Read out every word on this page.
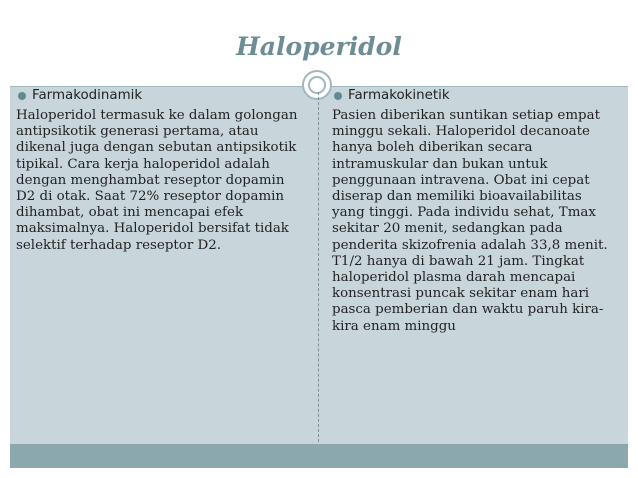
Haloperidol
Farmakodinamik

Haloperidol termasuk ke dalam golongan antipsikotik generasi pertama, atau dikenal juga dengan sebutan antipsikotik tipikal. Cara kerja haloperidol adalah dengan menghambat reseptor dopamin D2 di otak. Saat 72% reseptor dopamin dihambat, obat ini mencapai efek maksimalnya. Haloperidol bersifat tidak selektif terhadap reseptor D2.

Farmakokinetik

Pasien diberikan suntikan setiap empat minggu sekali. Haloperidol decanoate hanya boleh diberikan secara intramuskular dan bukan untuk penggunaan intravena. Obat ini cepat diserap dan memiliki bioavailabilitas yang tinggi. Pada individu sehat, Tmax sekitar 20 menit, sedangkan pada penderita skizofrenia adalah 33,8 menit. T1/2 hanya di bawah 21 jam. Tingkat haloperidol plasma darah mencapai konsentrasi puncak sekitar enam hari pasca pemberian dan waktu paruh kira-kira enam minggu
